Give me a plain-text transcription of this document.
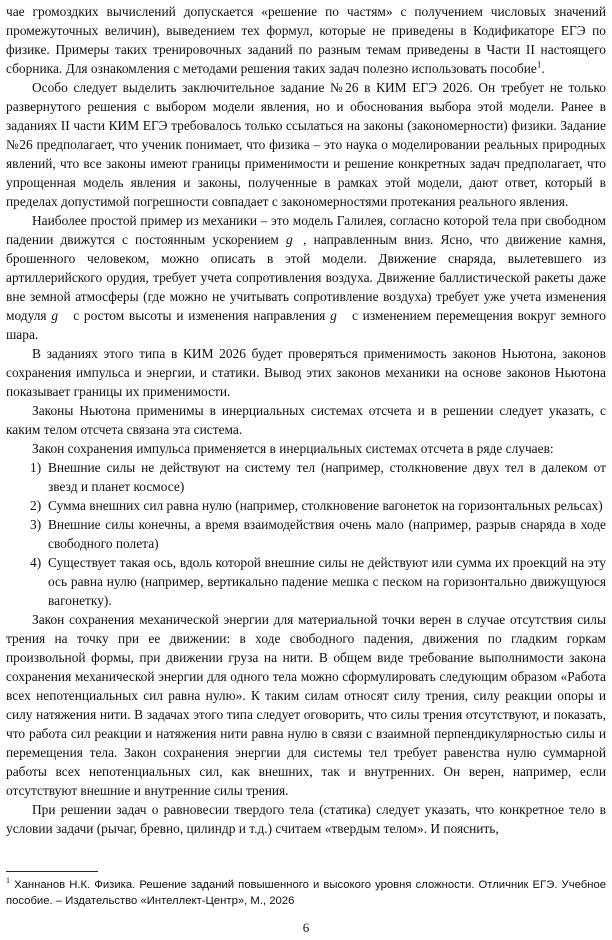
чае громоздких вычислений допускается «решение по частям» с получением числовых значений промежуточных величин), выведением тех формул, которые не приведены в Кодификаторе ЕГЭ по физике. Примеры таких тренировочных заданий по разным темам приведены в Части II настоящего сборника. Для ознакомления с методами решения таких задач полезно использовать пособие$^1$.

Особо следует выделить заключительное задание №26 в КИМ ЕГЭ 2026. Он требует не только развернутого решения с выбором модели явления, но и обоснования выбора этой модели. Ранее в заданиях II части КИМ ЕГЭ требовалось только ссылаться на законы (закономерности) физики. Задание №26 предполагает, что ученик понимает, что физика – это наука о моделировании реальных природных явлений, что все законы имеют границы применимости и решение конкретных задач предполагает, что упрощенная модель явления и законы, полученные в рамках этой модели, дают ответ, который в пределах допустимой погрешности совпадает с закономерностями протекания реального явления.

Наиболее простой пример из механики – это модель Галилея, согласно которой тела при свободном падении движутся с постоянным ускорением g ⃗, направленным вниз. Ясно, что движение камня, брошенного человеком, можно описать в этой модели. Движение снаряда, вылетевшего из артиллерийского орудия, требует учета сопротивления воздуха. Движение баллистической ракеты даже вне земной атмосферы (где можно не учитывать сопротивление воздуха) требует уже учета изменения модуля g ⃗ с ростом высоты и изменения направления g ⃗ с изменением перемещения вокруг земного шара.

В заданиях этого типа в КИМ 2026 будет проверяться применимость законов Ньютона, законов сохранения импульса и энергии, и статики. Вывод этих законов механики на основе законов Ньютона показывает границы их применимости.

Законы Ньютона применимы в инерциальных системах отсчета и в решении следует указать, с каким телом отсчета связана эта система.

Закон сохранения импульса применяется в инерциальных системах отсчета в ряде случаев:

1) Внешние силы не действуют на систему тел (например, столкновение двух тел в далеком от звезд и планет космосе)
2) Сумма внешних сил равна нулю (например, столкновение вагонеток на горизонтальных рельсах)
3) Внешние силы конечны, а время взаимодействия очень мало (например, разрыв снаряда в ходе свободного полета)
4) Существует такая ось, вдоль которой внешние силы не действуют или сумма их проекций на эту ось равна нулю (например, вертикально падение мешка с песком на горизонтально движущуюся вагонетку).

Закон сохранения механической энергии для материальной точки верен в случае отсутствия силы трения на точку при ее движении: в ходе свободного падения, движения по гладким горкам произвольной формы, при движении груза на нити. В общем виде требование выполнимости закона сохранения механической энергии для одного тела можно сформулировать следующим образом «Работа всех непотенциальных сил равна нулю». К таким силам относят силу трения, силу реакции опоры и силу натяжения нити. В задачах этого типа следует оговорить, что силы трения отсутствуют, и показать, что работа сил реакции и натяжения нити равна нулю в связи с взаимной перпендикулярностью силы и перемещения тела. Закон сохранения энергии для системы тел требует равенства нулю суммарной работы всех непотенциальных сил, как внешних, так и внутренних. Он верен, например, если отсутствуют внешние и внутренние силы трения.

При решении задач о равновесии твердого тела (статика) следует указать, что конкретное тело в условии задачи (рычаг, бревно, цилиндр и т.д.) считаем «твердым телом». И пояснить,

$^1$ Ханнанов Н.К. Физика. Решение заданий повышенного и высокого уровня сложности. Отличник ЕГЭ. Учебное пособие. – Издательство «Интеллект-Центр», М., 2026
6
